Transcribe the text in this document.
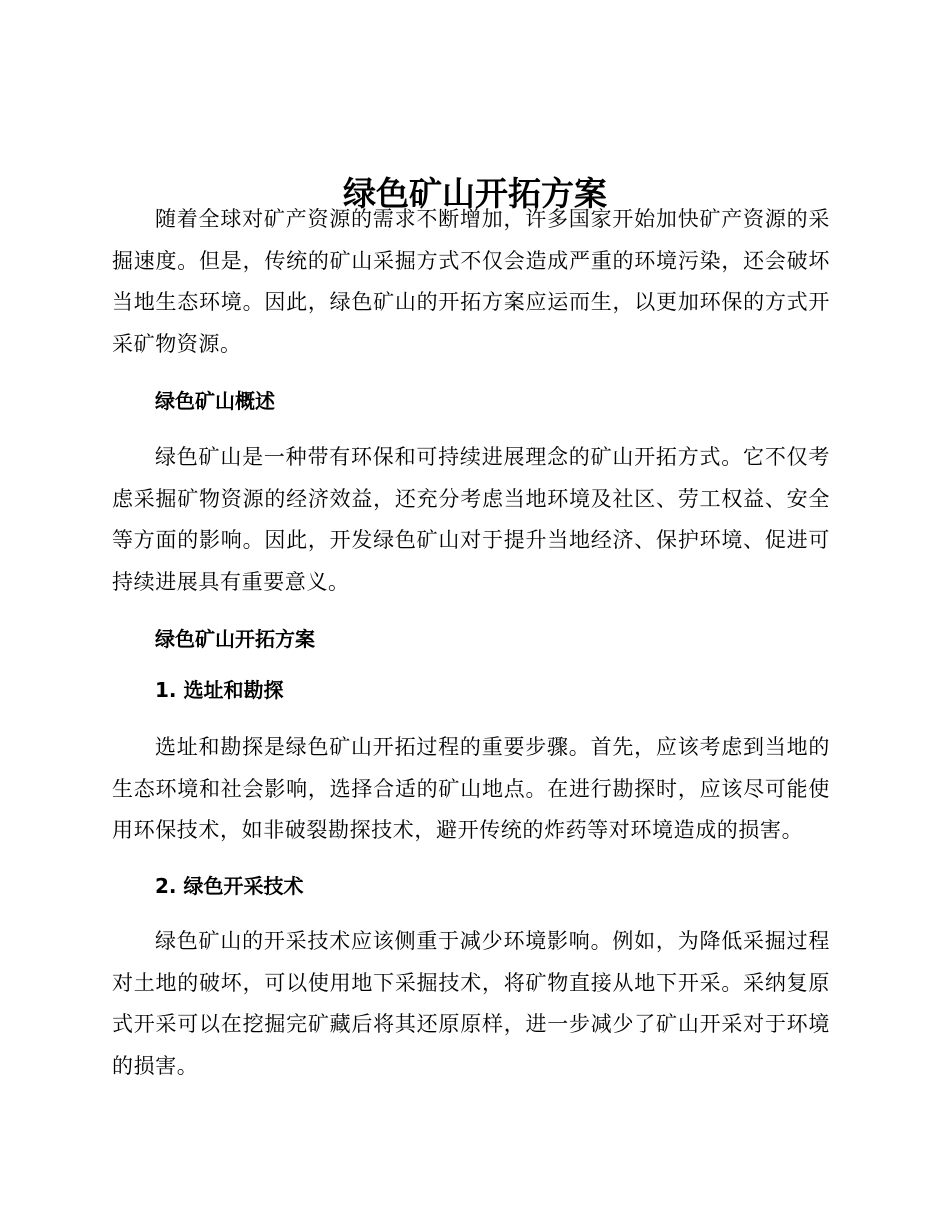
绿色矿山开拓方案

随着全球对矿产资源的需求不断增加，许多国家开始加快矿产资源的采掘速度。但是，传统的矿山采掘方式不仅会造成严重的环境污染，还会破坏当地生态环境。因此，绿色矿山的开拓方案应运而生，以更加环保的方式开采矿物资源。

绿色矿山概述

绿色矿山是一种带有环保和可持续进展理念的矿山开拓方式。它不仅考虑采掘矿物资源的经济效益，还充分考虑当地环境及社区、劳工权益、安全等方面的影响。因此，开发绿色矿山对于提升当地经济、保护环境、促进可持续进展具有重要意义。

绿色矿山开拓方案
1. 选址和勘探

选址和勘探是绿色矿山开拓过程的重要步骤。首先，应该考虑到当地的生态环境和社会影响，选择合适的矿山地点。在进行勘探时，应该尽可能使用环保技术，如非破裂勘探技术，避开传统的炸药等对环境造成的损害。

2. 绿色开采技术

绿色矿山的开采技术应该侧重于减少环境影响。例如，为降低采掘过程对土地的破坏，可以使用地下采掘技术，将矿物直接从地下开采。采纳复原式开采可以在挖掘完矿藏后将其还原原样，进一步减少了矿山开采对于环境的损害。
